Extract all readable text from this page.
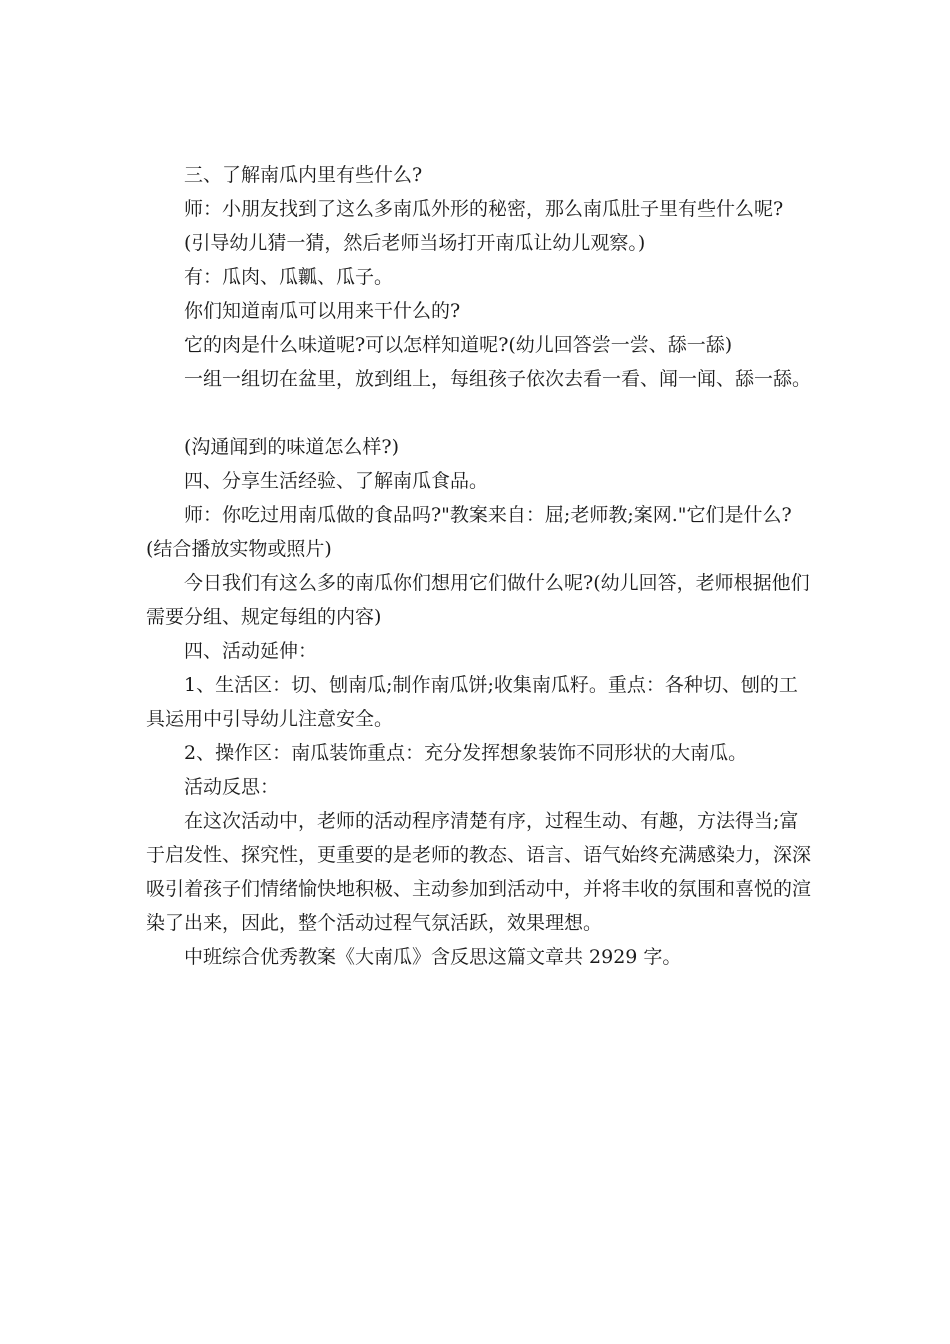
三、了解南瓜内里有些什么?

师：小朋友找到了这么多南瓜外形的秘密，那么南瓜肚子里有些什么呢?

(引导幼儿猜一猜，然后老师当场打开南瓜让幼儿观察。)

有：瓜肉、瓜瓤、瓜子。

你们知道南瓜可以用来干什么的?

它的肉是什么味道呢?可以怎样知道呢?(幼儿回答尝一尝、舔一舔)

一组一组切在盆里，放到组上，每组孩子依次去看一看、闻一闻、舔一舔。

(沟通闻到的味道怎么样?)

四、分享生活经验、了解南瓜食品。

师：你吃过用南瓜做的食品吗?"教案来自：屈;老师教;案网."它们是什么?(结合播放实物或照片)

今日我们有这么多的南瓜你们想用它们做什么呢?(幼儿回答，老师根据他们需要分组、规定每组的内容)

四、活动延伸：

1、生活区：切、刨南瓜;制作南瓜饼;收集南瓜籽。重点：各种切、刨的工具运用中引导幼儿注意安全。

2、操作区：南瓜装饰重点：充分发挥想象装饰不同形状的大南瓜。

活动反思：

在这次活动中，老师的活动程序清楚有序，过程生动、有趣，方法得当;富于启发性、探究性，更重要的是老师的教态、语言、语气始终充满感染力，深深吸引着孩子们情绪愉快地积极、主动参加到活动中，并将丰收的氛围和喜悦的渲染了出来，因此，整个活动过程气氛活跃，效果理想。

中班综合优秀教案《大南瓜》含反思这篇文章共 2929 字。
